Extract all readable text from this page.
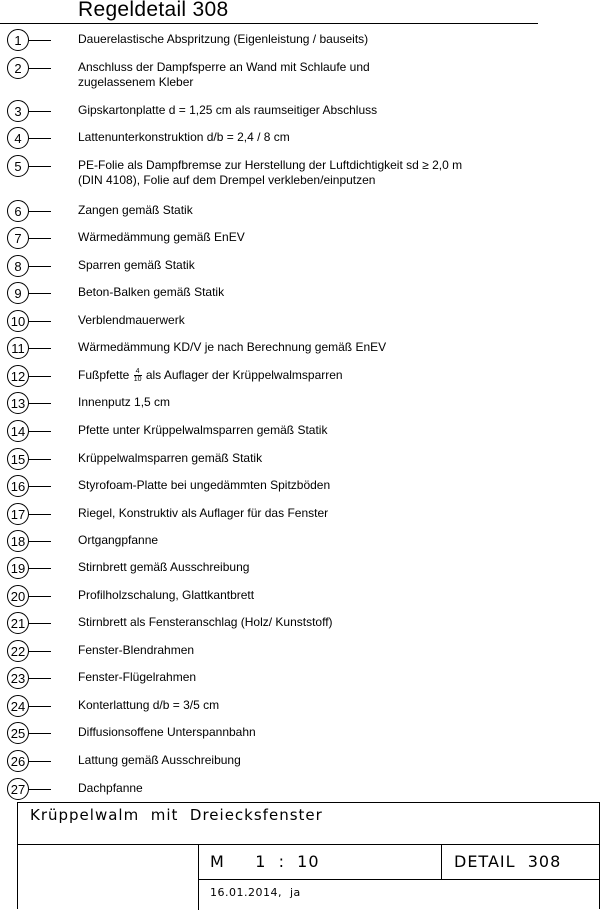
Regeldetail 308
1	Dauerelastische Abspritzung (Eigenleistung / bauseits)
2	Anschluss der Dampfsperre an Wand mit Schlaufe und
zugelassenem Kleber
3	Gipskartonplatte d = 1,25 cm als raumseitiger Abschluss
4	Lattenunterkonstruktion d/b = 2,4 / 8 cm
5	PE-Folie als Dampfbremse zur Herstellung der Luftdichtigkeit sd ≥ 2,0 m
(DIN 4108), Folie auf dem Drempel verkleben/einputzen
6	Zangen gemäß Statik
7	Wärmedämmung gemäß EnEV
8	Sparren gemäß Statik
9	Beton-Balken gemäß Statik
10	Verblendmauerwerk
11	Wärmedämmung KD/V je nach Berechnung gemäß EnEV
12	Fußpfette $\frac{4}{10}$ als Auflager der Krüppelwalmsparren
13	Innenputz 1,5 cm
14	Pfette unter Krüppelwalmsparren gemäß Statik
15	Krüppelwalmsparren gemäß Statik
16	Styrofoam-Platte bei ungedämmten Spitzböden
17	Riegel, Konstruktiv als Auflager für das Fenster
18	Ortgangpfanne
19	Stirnbrett gemäß Ausschreibung
20	Profilholzschalung, Glattkantbrett
21	Stirnbrett als Fensteranschlag (Holz/ Kunststoff)
22	Fenster-Blendrahmen
23	Fenster-Flügelrahmen
24	Konterlattung d/b = 3/5 cm
25	Diffusionsoffene Unterspannbahn
26	Lattung gemäß Ausschreibung
27	Dachpfanne
Krüppelwalm  mit  Dreiecksfenster
M     1  :  10	DETAIL  308
16.01.2014,  ja
